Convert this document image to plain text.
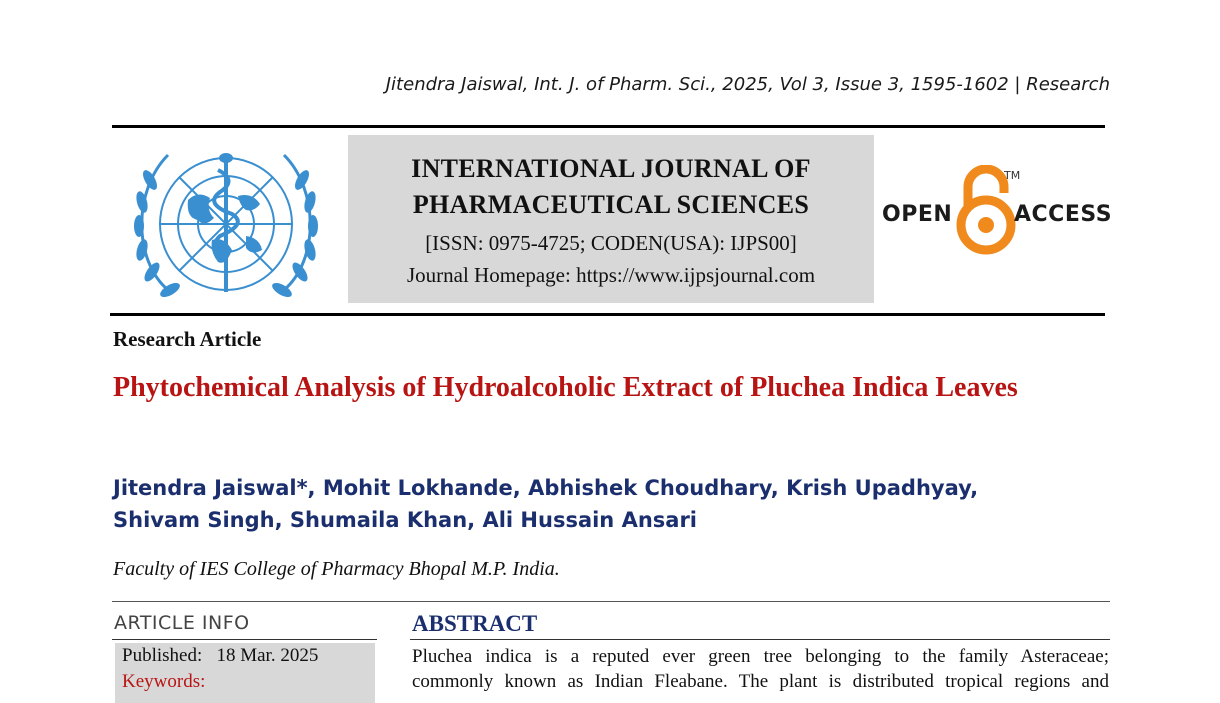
Jitendra Jaiswal, Int. J. of Pharm. Sci., 2025, Vol 3, Issue 3, 1595-1602 | Research
INTERNATIONAL JOURNAL OF
PHARMACEUTICAL SCIENCES
[ISSN: 0975-4725; CODEN(USA): IJPS00]
Journal Homepage: https://www.ijpsjournal.com
OPEN
TM
ACCESS
Research Article
Phytochemical Analysis of Hydroalcoholic Extract of Pluchea Indica Leaves
Jitendra Jaiswal*, Mohit Lokhande, Abhishek Choudhary, Krish Upadhyay,
Shivam Singh, Shumaila Khan, Ali Hussain Ansari
Faculty of IES College of Pharmacy Bhopal M.P. India.
ARTICLE INFO
Published: 18 Mar. 2025
Keywords:
ABSTRACT
Pluchea indica is a reputed ever green tree belonging to the family Asteraceae;
commonly known as Indian Fleabane. The plant is distributed tropical regions and
